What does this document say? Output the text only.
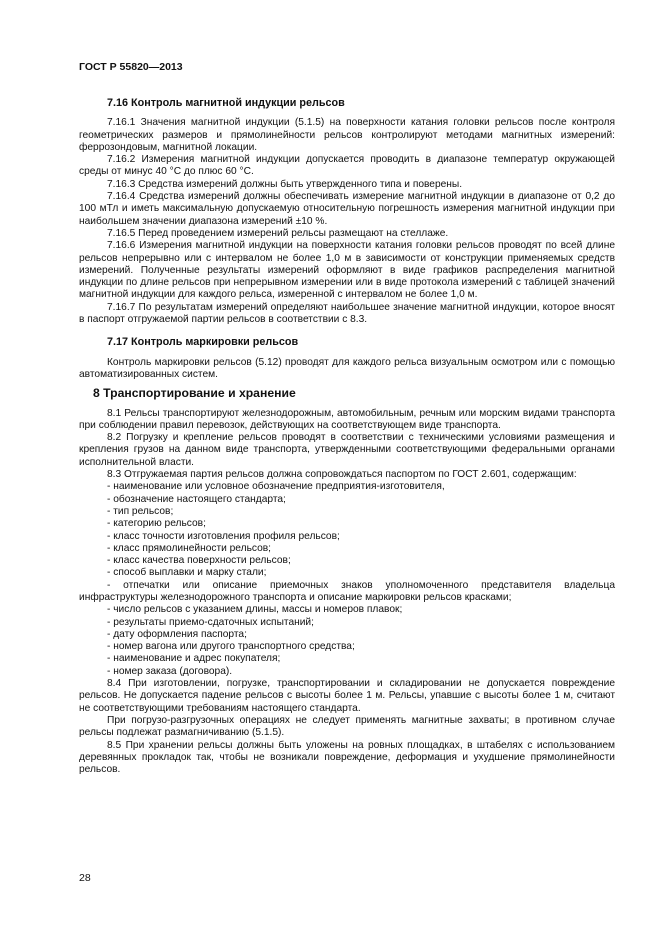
ГОСТ Р 55820—2013
7.16 Контроль магнитной индукции рельсов

7.16.1 Значения магнитной индукции (5.1.5) на поверхности катания головки рельсов после контроля геометрических размеров и прямолинейности рельсов контролируют методами магнитных измерений: феррозондовым, магнитной локации.

7.16.2 Измерения магнитной индукции допускается проводить в диапазоне температур окружающей среды от минус 40 °С до плюс 60 °С.

7.16.3 Средства измерений должны быть утвержденного типа и поверены.

7.16.4 Средства измерений должны обеспечивать измерение магнитной индукции в диапазоне от 0,2 до 100 мТл и иметь максимальную допускаемую относительную погрешность измерения магнитной индукции при наибольшем значении диапазона измерений ±10 %.

7.16.5 Перед проведением измерений рельсы размещают на стеллаже.

7.16.6 Измерения магнитной индукции на поверхности катания головки рельсов проводят по всей длине рельсов непрерывно или с интервалом не более 1,0 м в зависимости от конструкции применяемых средств измерений. Полученные результаты измерений оформляют в виде графиков распределения магнитной индукции по длине рельсов при непрерывном измерении или в виде протокола измерений с таблицей значений магнитной индукции для каждого рельса, измеренной с интервалом не более 1,0 м.

7.16.7 По результатам измерений определяют наибольшее значение магнитной индукции, которое вносят в паспорт отгружаемой партии рельсов в соответствии с 8.3.

7.17 Контроль маркировки рельсов

Контроль маркировки рельсов (5.12) проводят для каждого рельса визуальным осмотром или с помощью автоматизированных систем.

8 Транспортирование и хранение

8.1 Рельсы транспортируют железнодорожным, автомобильным, речным или морским видами транспорта при соблюдении правил перевозок, действующих на соответствующем виде транспорта.

8.2 Погрузку и крепление рельсов проводят в соответствии с техническими условиями размещения и крепления грузов на данном виде транспорта, утвержденными соответствующими федеральными органами исполнительной власти.

8.3 Отгружаемая партия рельсов должна сопровождаться паспортом по ГОСТ 2.601, содержащим:

- наименование или условное обозначение предприятия-изготовителя,
- обозначение настоящего стандарта;
- тип рельсов;
- категорию рельсов;
- класс точности изготовления профиля рельсов;
- класс прямолинейности рельсов;
- класс качества поверхности рельсов;
- способ выплавки и марку стали;

- отпечатки или описание приемочных знаков уполномоченного представителя владельца инфраструктуры железнодорожного транспорта и описание маркировки рельсов красками;

- число рельсов с указанием длины, массы и номеров плавок;
- результаты приемо-сдаточных испытаний;
- дату оформления паспорта;
- номер вагона или другого транспортного средства;
- наименование и адрес покупателя;
- номер заказа (договора).

8.4 При изготовлении, погрузке, транспортировании и складировании не допускается повреждение рельсов. Не допускается падение рельсов с высоты более 1 м. Рельсы, упавшие с высоты более 1 м, считают не соответствующими требованиям настоящего стандарта.

При погрузо-разгрузочных операциях не следует применять магнитные захваты; в противном случае рельсы подлежат размагничиванию (5.1.5).

8.5 При хранении рельсы должны быть уложены на ровных площадках, в штабелях с использованием деревянных прокладок так, чтобы не возникали повреждение, деформация и ухудшение прямолинейности рельсов.

28
